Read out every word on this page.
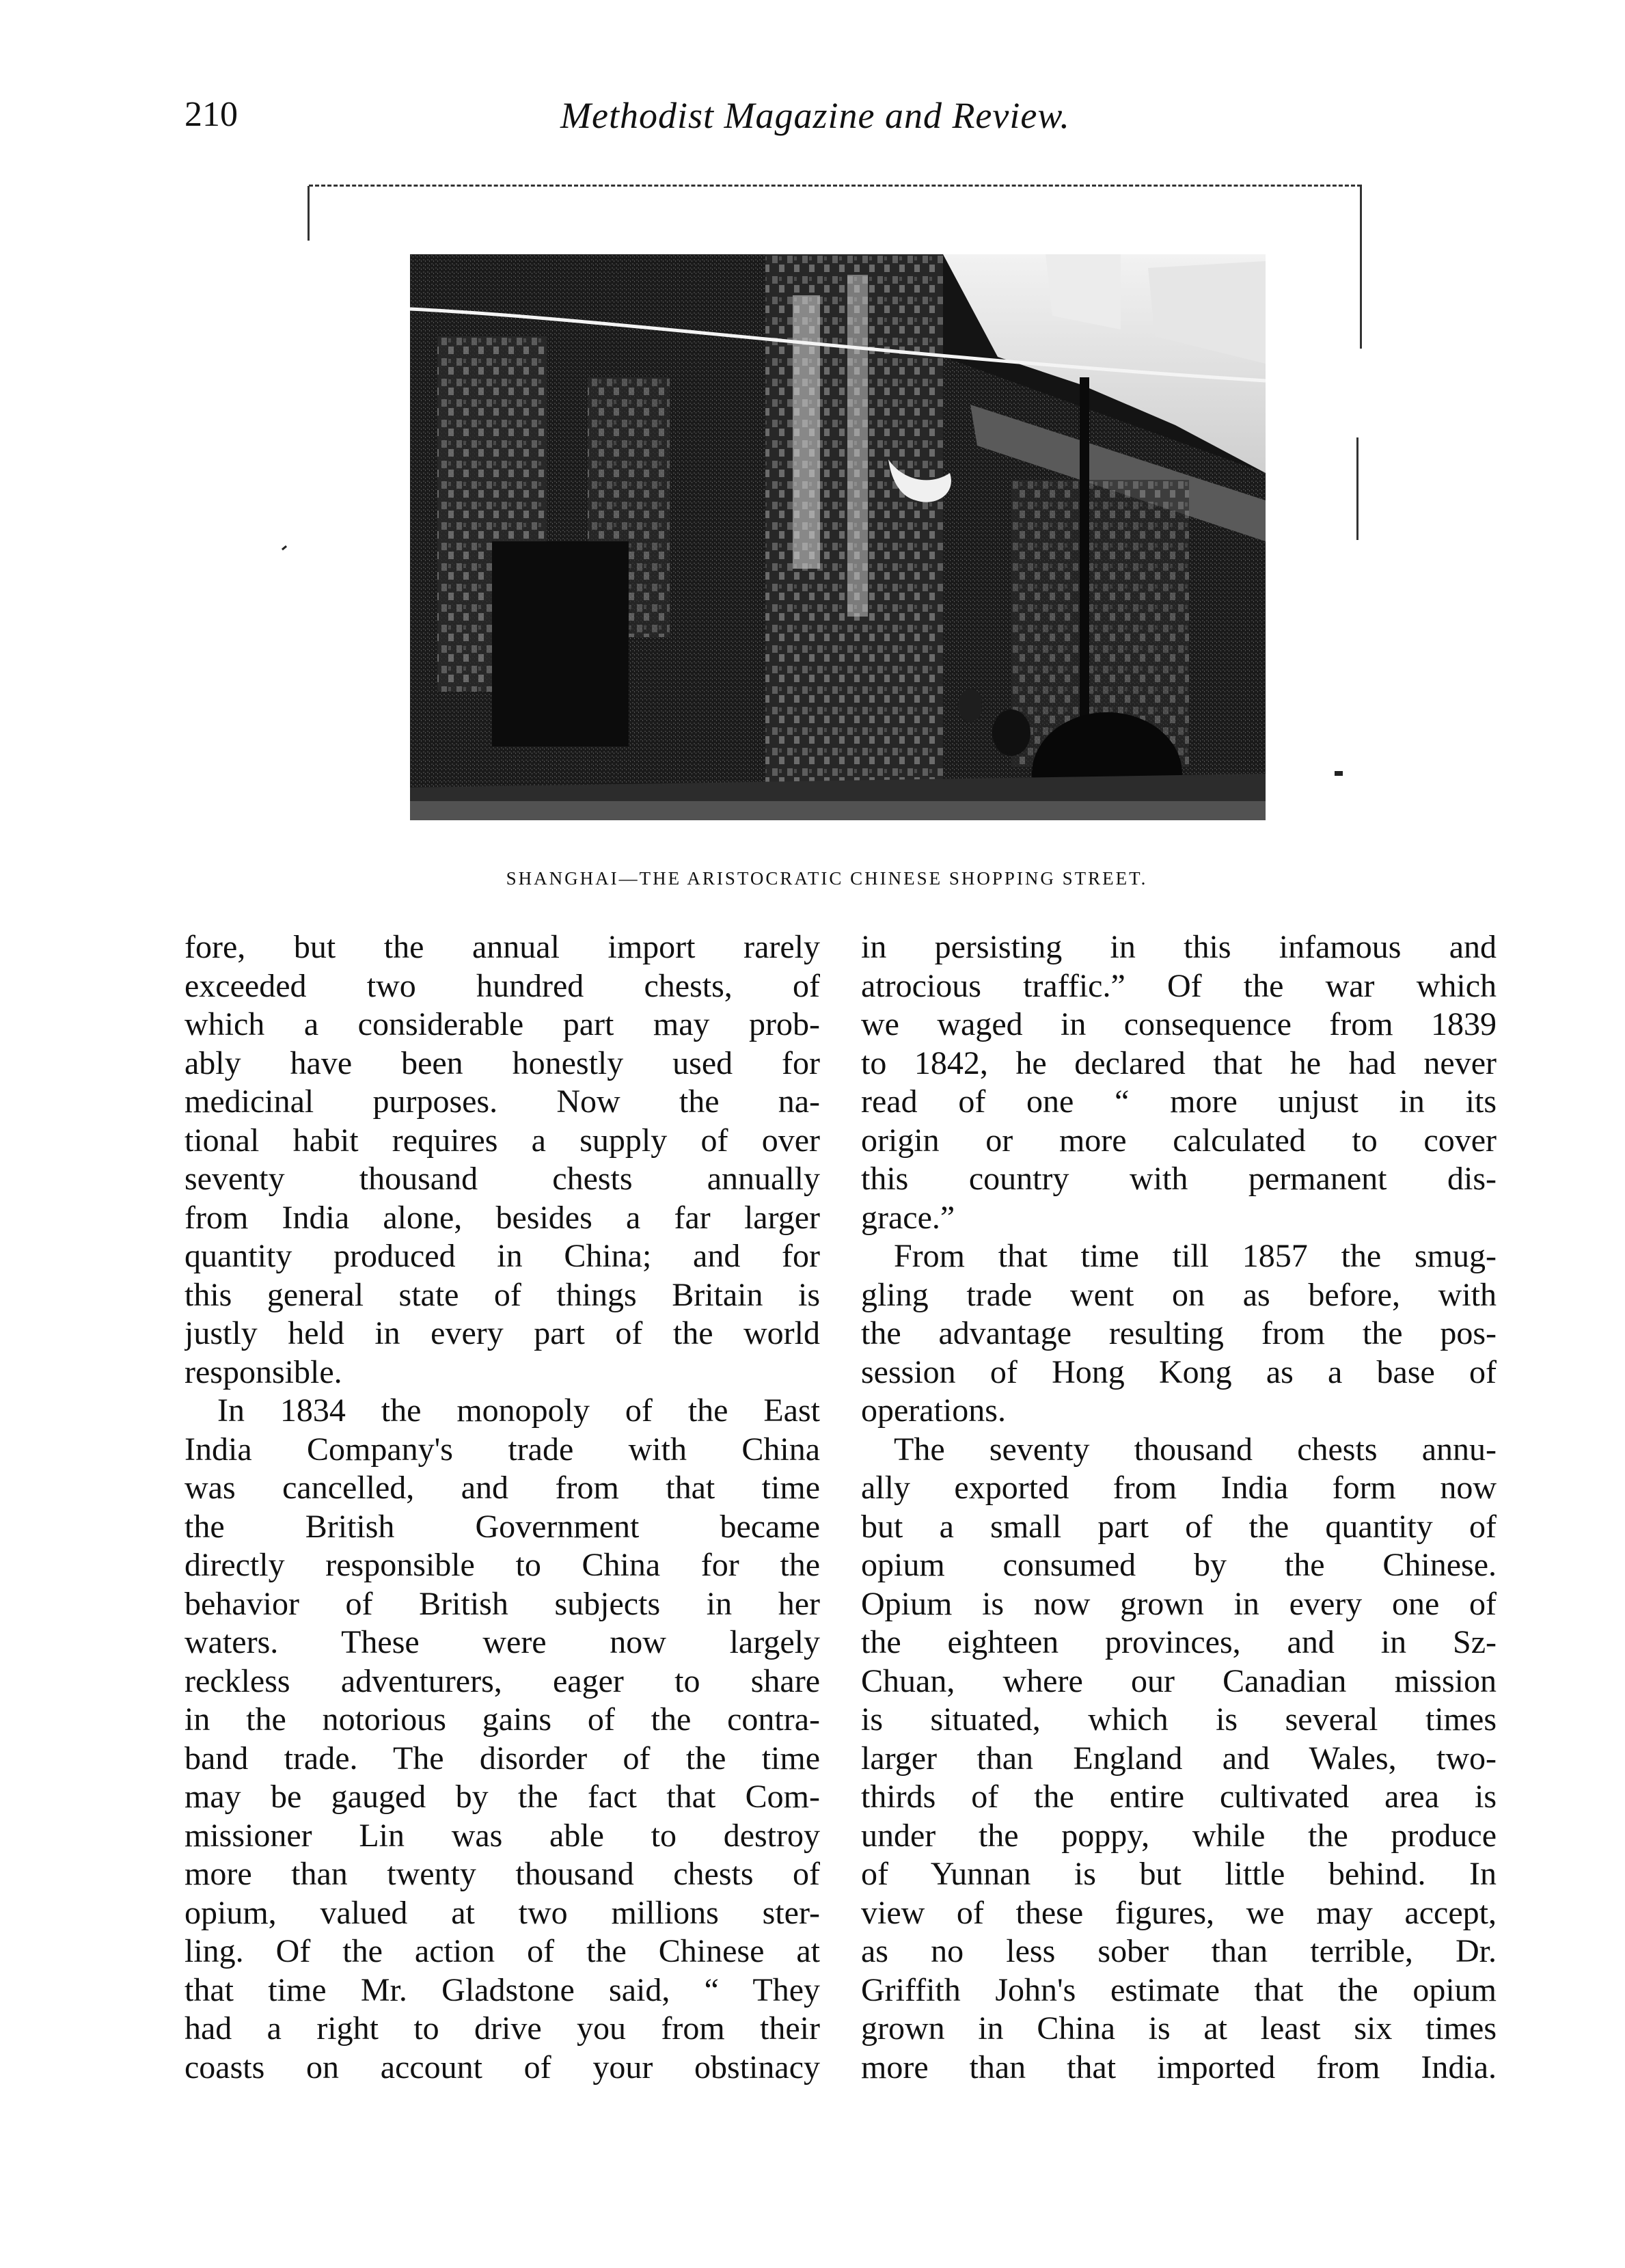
210	Methodist Magazine and Review.
SHANGHAI—THE ARISTOCRATIC CHINESE SHOPPING STREET.
fore, but the annual import rarely
exceeded two hundred chests, of
which a considerable part may prob-
ably have been honestly used for
medicinal purposes. Now the na-
tional habit requires a supply of over
seventy thousand chests annually
from India alone, besides a far larger
quantity produced in China; and for
this general state of things Britain is
justly held in every part of the world
responsible.
In 1834 the monopoly of the East
India Company's trade with China
was cancelled, and from that time
the British Government became
directly responsible to China for the
behavior of British subjects in her
waters. These were now largely
reckless adventurers, eager to share
in the notorious gains of the contra-
band trade. The disorder of the time
may be gauged by the fact that Com-
missioner Lin was able to destroy
more than twenty thousand chests of
opium, valued at two millions ster-
ling. Of the action of the Chinese at
that time Mr. Gladstone said, “ They
had a right to drive you from their
coasts on account of your obstinacy
in persisting in this infamous and
atrocious traffic.” Of the war which
we waged in consequence from 1839
to 1842, he declared that he had never
read of one “ more unjust in its
origin or more calculated to cover
this country with permanent dis-
grace.”
From that time till 1857 the smug-
gling trade went on as before, with
the advantage resulting from the pos-
session of Hong Kong as a base of
operations.
The seventy thousand chests annu-
ally exported from India form now
but a small part of the quantity of
opium consumed by the Chinese.
Opium is now grown in every one of
the eighteen provinces, and in Sz-
Chuan, where our Canadian mission
is situated, which is several times
larger than England and Wales, two-
thirds of the entire cultivated area is
under the poppy, while the produce
of Yunnan is but little behind. In
view of these figures, we may accept,
as no less sober than terrible, Dr.
Griffith John's estimate that the opium
grown in China is at least six times
more than that imported from India.
